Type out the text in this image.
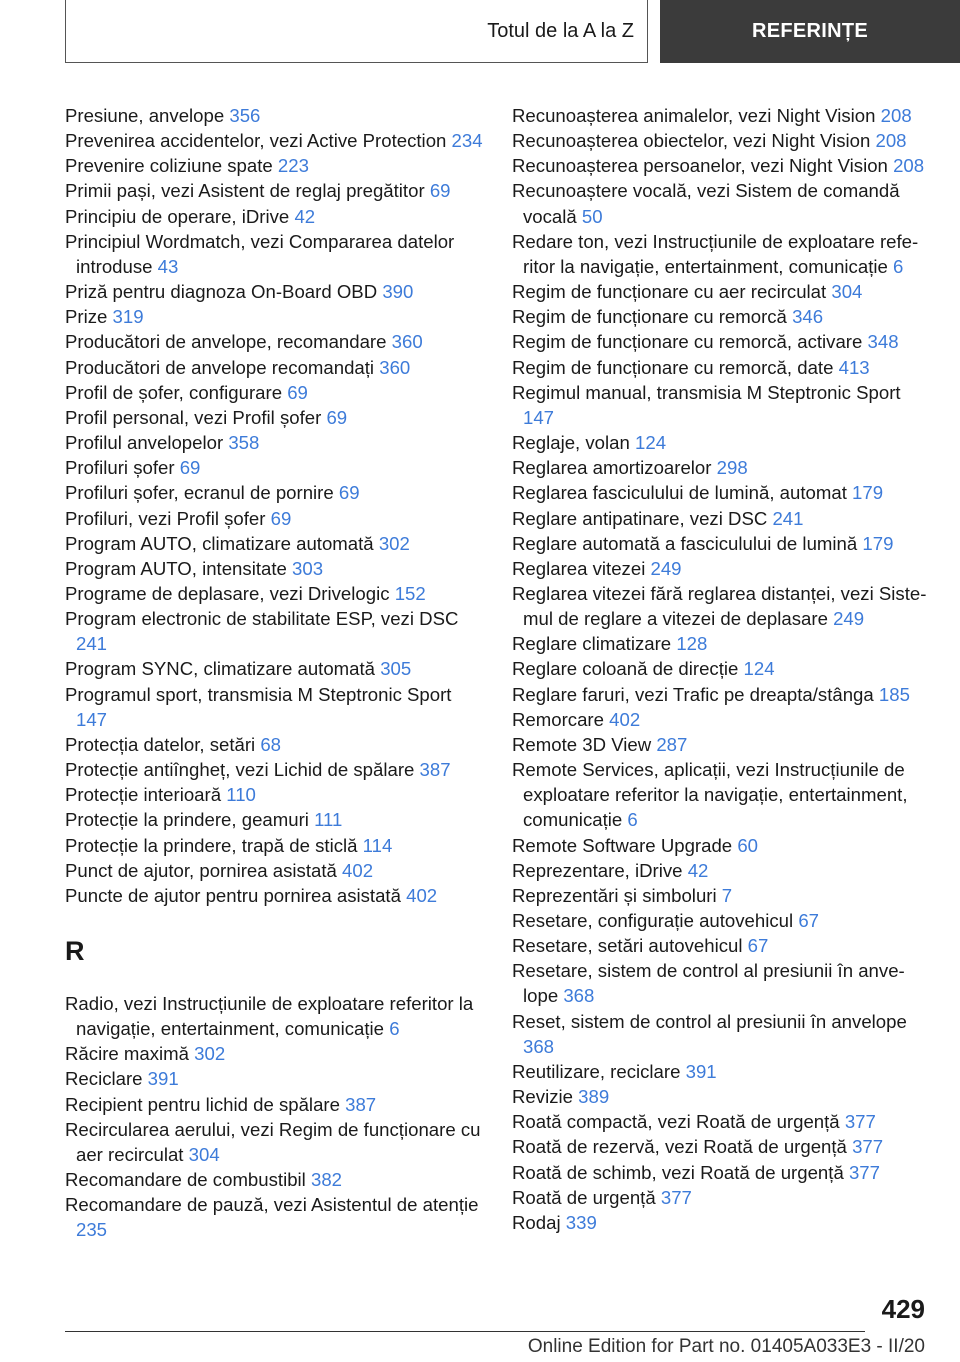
Totul de la A la Z	REFERINȚE
Presiune, anvelope 356
Prevenirea accidentelor, vezi Active Protection 234
Prevenire coliziune spate 223
Primii pași, vezi Asistent de reglaj pregătitor 69
Principiu de operare, iDrive 42
Principiul Wordmatch, vezi Compararea datelor introduse 43
Priză pentru diagnoza On-Board OBD 390
Prize 319
Producători de anvelope, recomandare 360
Producători de anvelope recomandați 360
Profil de șofer, configurare 69
Profil personal, vezi Profil șofer 69
Profilul anvelopelor 358
Profiluri șofer 69
Profiluri șofer, ecranul de pornire 69
Profiluri, vezi Profil șofer 69
Program AUTO, climatizare automată 302
Program AUTO, intensitate 303
Programe de deplasare, vezi Drivelogic 152
Program electronic de stabilitate ESP, vezi DSC 241
Program SYNC, climatizare automată 305
Programul sport, transmisia M Steptronic Sport 147
Protecția datelor, setări 68
Protecție antiîngheț, vezi Lichid de spălare 387
Protecție interioară 110
Protecție la prindere, geamuri 111
Protecție la prindere, trapă de sticlă 114
Punct de ajutor, pornirea asistată 402
Puncte de ajutor pentru pornirea asistată 402
R
Radio, vezi Instrucțiunile de exploatare referitor la navigație, entertainment, comunicație 6
Răcire maximă 302
Reciclare 391
Recipient pentru lichid de spălare 387
Recircularea aerului, vezi Regim de funcționare cu aer recirculat 304
Recomandare de combustibil 382
Recomandare de pauză, vezi Asistentul de atenție 235
Recunoașterea animalelor, vezi Night Vision 208
Recunoașterea obiectelor, vezi Night Vision 208
Recunoașterea persoanelor, vezi Night Vision 208
Recunoaștere vocală, vezi Sistem de comandă vocală 50
Redare ton, vezi Instrucțiunile de exploatare referitor la navigație, entertainment, comunicație 6
Regim de funcționare cu aer recirculat 304
Regim de funcționare cu remorcă 346
Regim de funcționare cu remorcă, activare 348
Regim de funcționare cu remorcă, date 413
Regimul manual, transmisia M Steptronic Sport 147
Reglaje, volan 124
Reglarea amortizoarelor 298
Reglarea fasciculului de lumină, automat 179
Reglare antipatinare, vezi DSC 241
Reglare automată a fasciculului de lumină 179
Reglarea vitezei 249
Reglarea vitezei fără reglarea distanței, vezi Sistemul de reglare a vitezei de deplasare 249
Reglare climatizare 128
Reglare coloană de direcție 124
Reglare faruri, vezi Trafic pe dreapta/stânga 185
Remorcare 402
Remote 3D View 287
Remote Services, aplicații, vezi Instrucțiunile de exploatare referitor la navigație, entertainment, comunicație 6
Remote Software Upgrade 60
Reprezentare, iDrive 42
Reprezentări și simboluri 7
Resetare, configurație autovehicul 67
Resetare, setări autovehicul 67
Resetare, sistem de control al presiunii în anvelope 368
Reset, sistem de control al presiunii în anvelope 368
Reutilizare, reciclare 391
Revizie 389
Roată compactă, vezi Roată de urgență 377
Roată de rezervă, vezi Roată de urgență 377
Roată de schimb, vezi Roată de urgență 377
Roată de urgență 377
Rodaj 339
429
Online Edition for Part no. 01405A033E3 - II/20
